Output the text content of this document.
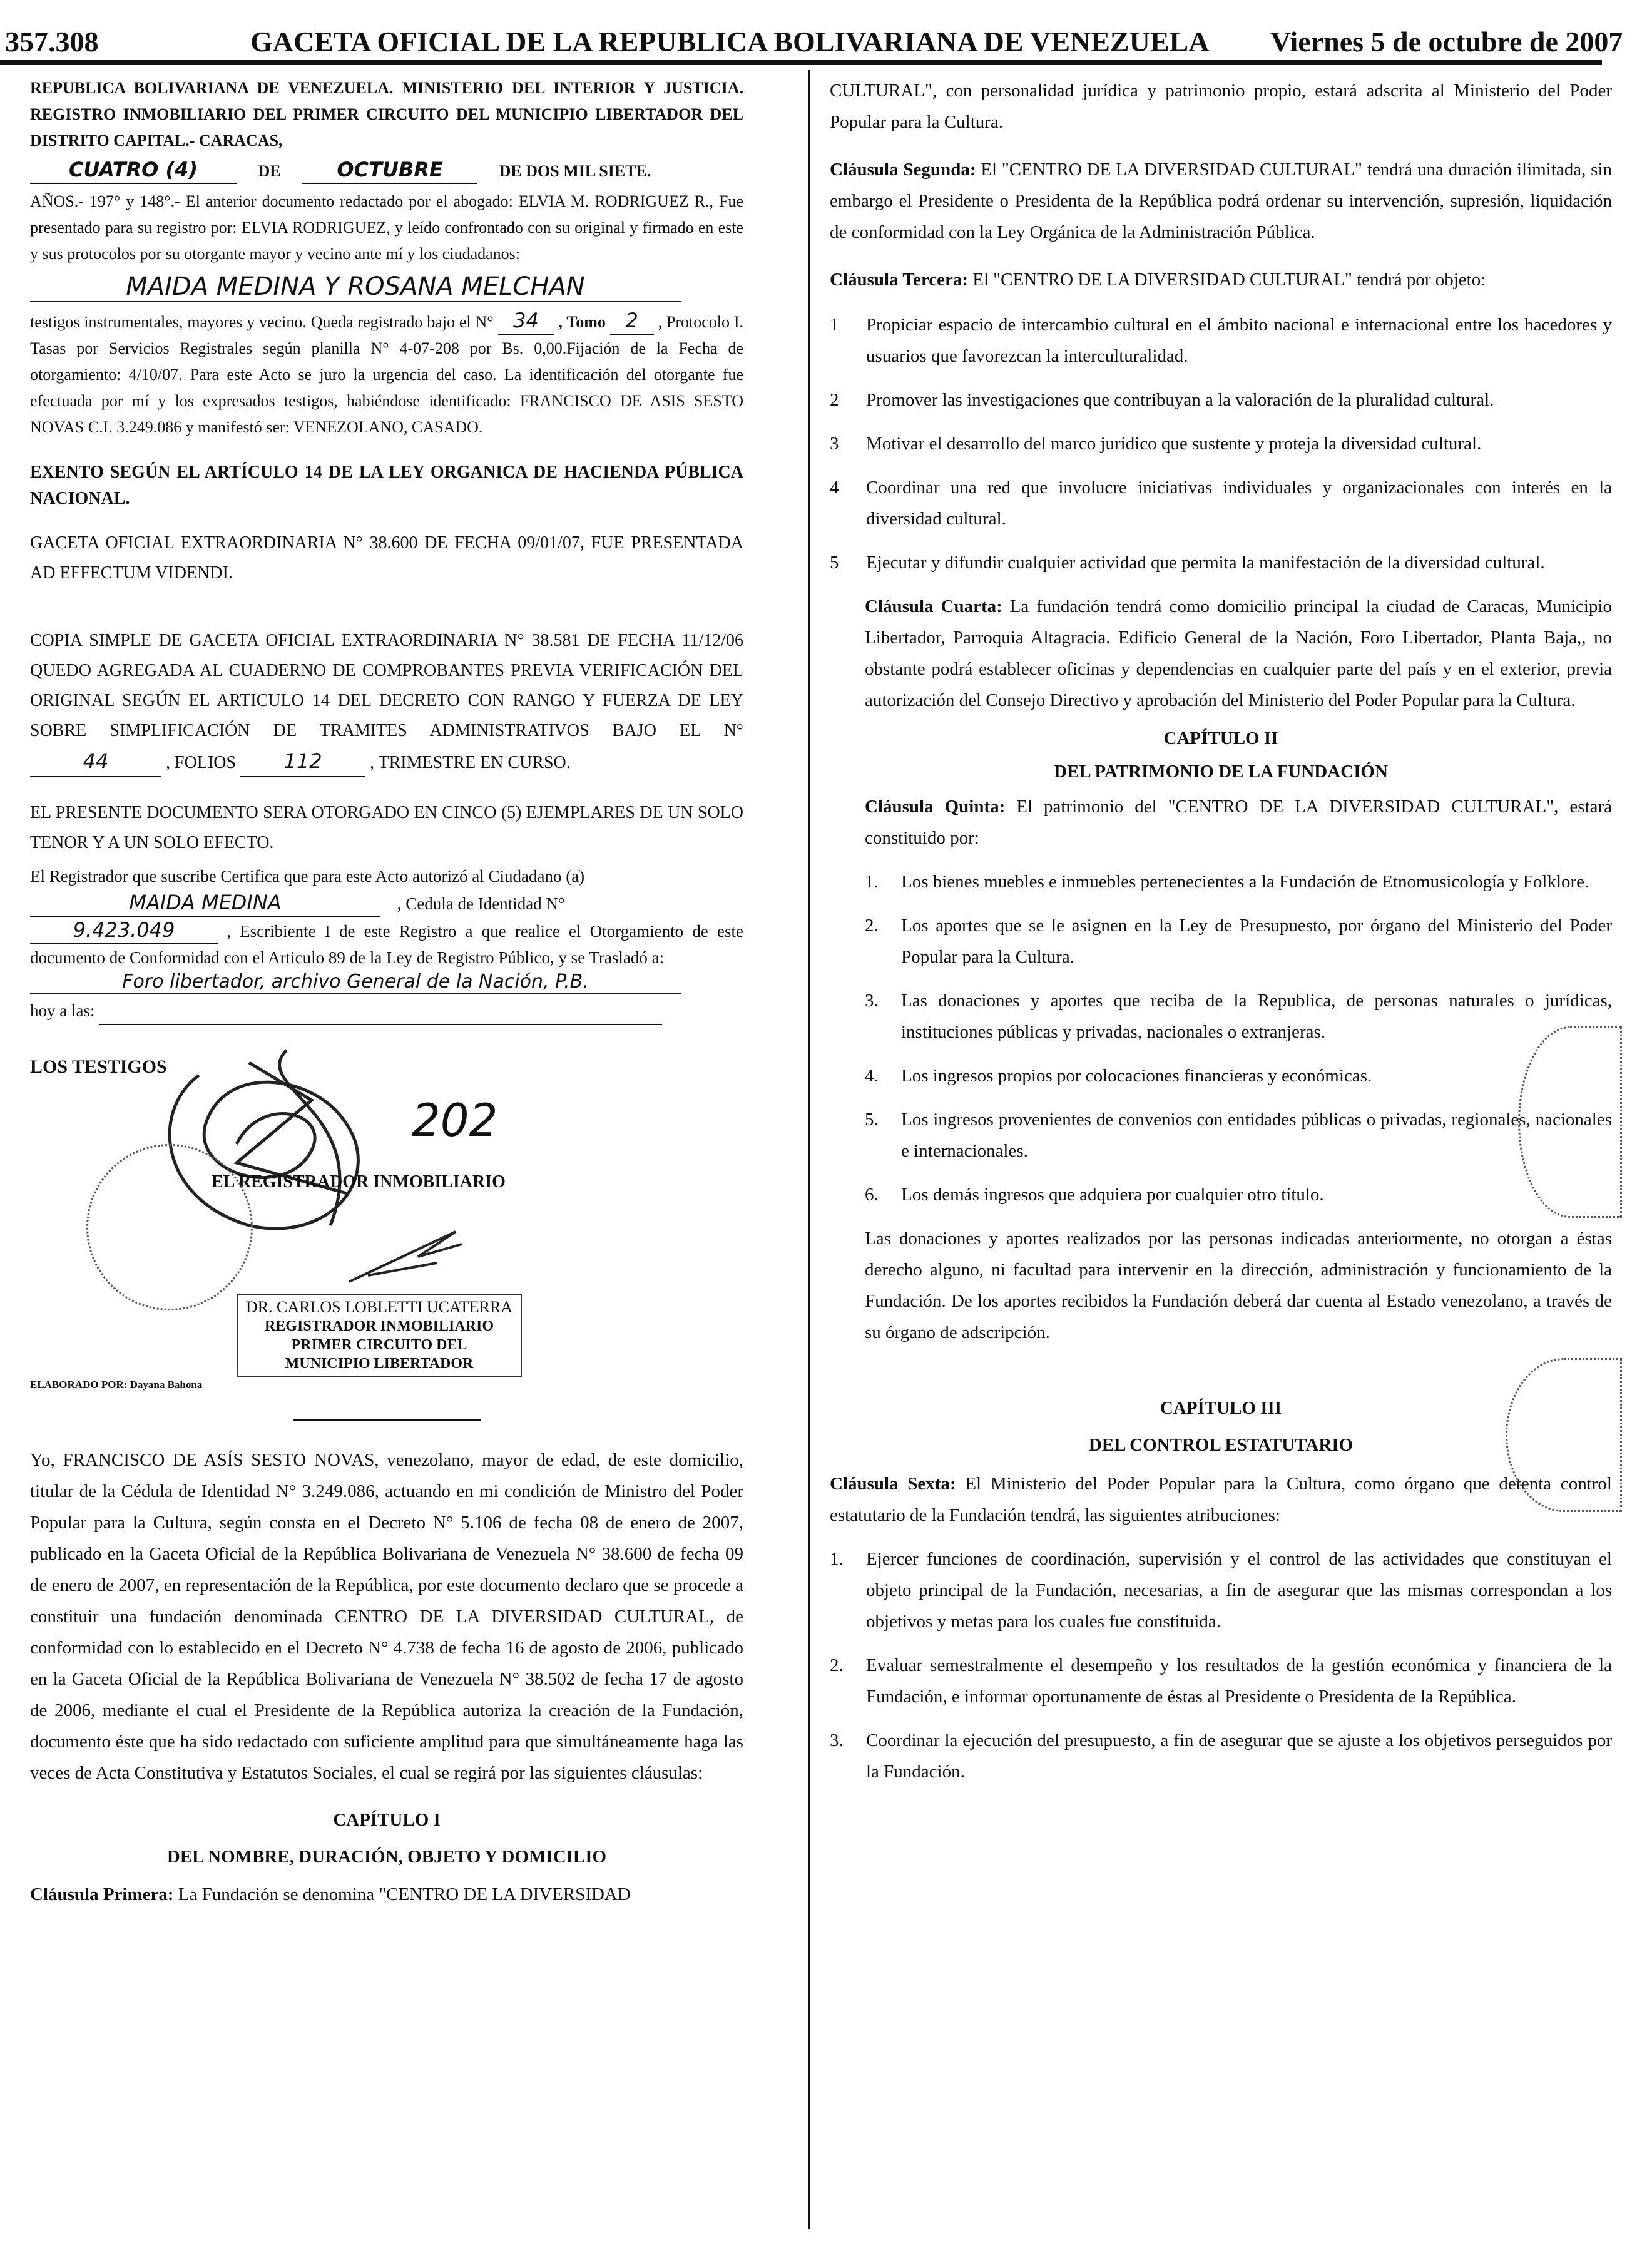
357.308	GACETA OFICIAL DE LA REPUBLICA BOLIVARIANA DE VENEZUELA Viernes 5 de octubre de 2007

REPUBLICA BOLIVARIANA DE VENEZUELA. MINISTERIO DEL INTERIOR Y JUSTICIA. REGISTRO INMOBILIARIO DEL PRIMER CIRCUITO DEL MUNICIPIO LIBERTADOR DEL DISTRITO CAPITAL.- CARACAS,

CUATRO (4)	DE	OCTUBRE	DE DOS MIL SIETE.

AÑOS.- 197° y 148°.- El anterior documento redactado por el abogado: ELVIA M. RODRIGUEZ R., Fue presentado para su registro por: ELVIA RODRIGUEZ, y leído confrontado con su original y firmado en este y sus protocolos por su otorgante mayor y vecino ante mí y los ciudadanos:

MAIDA MEDINA Y ROSANA MELCHAN

testigos instrumentales, mayores y vecino. Queda registrado bajo el N° 34 , Tomo 2 , Protocolo I. Tasas por Servicios Registrales según planilla N° 4-07-208 por Bs. 0,00.Fijación de la Fecha de otorgamiento: 4/10/07. Para este Acto se juro la urgencia del caso. La identificación del otorgante fue efectuada por mí y los expresados testigos, habiéndose identificado: FRANCISCO DE ASIS SESTO NOVAS C.I. 3.249.086 y manifestó ser: VENEZOLANO, CASADO.

EXENTO SEGÚN EL ARTÍCULO 14 DE LA LEY ORGANICA DE HACIENDA PÚBLICA NACIONAL.

GACETA OFICIAL EXTRAORDINARIA N° 38.600 DE FECHA 09/01/07, FUE PRESENTADA AD EFFECTUM VIDENDI.

COPIA SIMPLE DE GACETA OFICIAL EXTRAORDINARIA N° 38.581 DE FECHA 11/12/06 QUEDO AGREGADA AL CUADERNO DE COMPROBANTES PREVIA VERIFICACIÓN DEL ORIGINAL SEGÚN EL ARTICULO 14 DEL DECRETO CON RANGO Y FUERZA DE LEY SOBRE SIMPLIFICACIÓN DE TRAMITES ADMINISTRATIVOS BAJO EL N° 44	, FOLIOS 112	, TRIMESTRE EN CURSO.

EL PRESENTE DOCUMENTO SERA OTORGADO EN CINCO (5) EJEMPLARES DE UN SOLO TENOR Y A UN SOLO EFECTO.

El Registrador que suscribe Certifica que para este Acto autorizó al Ciudadano (a)

MAIDA MEDINA	, Cedula de Identidad N°

9.423.049	, Escribiente I de este Registro a que realice el Otorgamiento de este documento de Conformidad con el Articulo 89 de la Ley de Registro Público, y se Trasladó a:

Foro libertador, archivo General de la Nación, P.B.

hoy a las:

LOS TESTIGOS
202
EL REGISTRADOR INMOBILIARIO
DR. CARLOS LOBLETTI UCATERRA
REGISTRADOR INMOBILIARIO
PRIMER CIRCUITO DEL
MUNICIPIO LIBERTADOR
ELABORADO POR: Dayana Bahona

Yo, FRANCISCO DE ASÍS SESTO NOVAS, venezolano, mayor de edad, de este domicilio, titular de la Cédula de Identidad N° 3.249.086, actuando en mi condición de Ministro del Poder Popular para la Cultura, según consta en el Decreto N° 5.106 de fecha 08 de enero de 2007, publicado en la Gaceta Oficial de la República Bolivariana de Venezuela N° 38.600 de fecha 09 de enero de 2007, en representación de la República, por este documento declaro que se procede a constituir una fundación denominada CENTRO DE LA DIVERSIDAD CULTURAL, de conformidad con lo establecido en el Decreto N° 4.738 de fecha 16 de agosto de 2006, publicado en la Gaceta Oficial de la República Bolivariana de Venezuela N° 38.502 de fecha 17 de agosto de 2006, mediante el cual el Presidente de la República autoriza la creación de la Fundación, documento éste que ha sido redactado con suficiente amplitud para que simultáneamente haga las veces de Acta Constitutiva y Estatutos Sociales, el cual se regirá por las siguientes cláusulas:

CAPÍTULO I

DEL NOMBRE, DURACIÓN, OBJETO Y DOMICILIO

Cláusula Primera: La Fundación se denomina "CENTRO DE LA DIVERSIDAD

CULTURAL", con personalidad jurídica y patrimonio propio, estará adscrita al Ministerio del Poder Popular para la Cultura.

Cláusula Segunda: El "CENTRO DE LA DIVERSIDAD CULTURAL" tendrá una duración ilimitada, sin embargo el Presidente o Presidenta de la República podrá ordenar su intervención, supresión, liquidación de conformidad con la Ley Orgánica de la Administración Pública.

Cláusula Tercera: El "CENTRO DE LA DIVERSIDAD CULTURAL" tendrá por objeto:

1	Propiciar espacio de intercambio cultural en el ámbito nacional e internacional entre los hacedores y usuarios que favorezcan la interculturalidad.
2	Promover las investigaciones que contribuyan a la valoración de la pluralidad cultural.
3	Motivar el desarrollo del marco jurídico que sustente y proteja la diversidad cultural.
4	Coordinar una red que involucre iniciativas individuales y organizacionales con interés en la diversidad cultural.
5	Ejecutar y difundir cualquier actividad que permita la manifestación de la diversidad cultural.

Cláusula Cuarta: La fundación tendrá como domicilio principal la ciudad de Caracas, Municipio Libertador, Parroquia Altagracia. Edificio General de la Nación, Foro Libertador, Planta Baja,, no obstante podrá establecer oficinas y dependencias en cualquier parte del país y en el exterior, previa autorización del Consejo Directivo y aprobación del Ministerio del Poder Popular para la Cultura.

CAPÍTULO II

DEL PATRIMONIO DE LA FUNDACIÓN

Cláusula Quinta: El patrimonio del "CENTRO DE LA DIVERSIDAD CULTURAL", estará constituido por:

1.	Los bienes muebles e inmuebles pertenecientes a la Fundación de Etnomusicología y Folklore.
2.	Los aportes que se le asignen en la Ley de Presupuesto, por órgano del Ministerio del Poder Popular para la Cultura.
3.	Las donaciones y aportes que reciba de la Republica, de personas naturales o jurídicas, instituciones públicas y privadas, nacionales o extranjeras.
4.	Los ingresos propios por colocaciones financieras y económicas.
5.	Los ingresos provenientes de convenios con entidades públicas o privadas, regionales, nacionales e internacionales.
6.	Los demás ingresos que adquiera por cualquier otro título.

Las donaciones y aportes realizados por las personas indicadas anteriormente, no otorgan a éstas derecho alguno, ni facultad para intervenir en la dirección, administración y funcionamiento de la Fundación. De los aportes recibidos la Fundación deberá dar cuenta al Estado venezolano, a través de su órgano de adscripción.

CAPÍTULO III

DEL CONTROL ESTATUTARIO

Cláusula Sexta: El Ministerio del Poder Popular para la Cultura, como órgano que detenta control estatutario de la Fundación tendrá, las siguientes atribuciones:

1.	Ejercer funciones de coordinación, supervisión y el control de las actividades que constituyan el objeto principal de la Fundación, necesarias, a fin de asegurar que las mismas correspondan a los objetivos y metas para los cuales fue constituida.
2.	Evaluar semestralmente el desempeño y los resultados de la gestión económica y financiera de la Fundación, e informar oportunamente de éstas al Presidente o Presidenta de la República.
3.	Coordinar la ejecución del presupuesto, a fin de asegurar que se ajuste a los objetivos perseguidos por la Fundación.
